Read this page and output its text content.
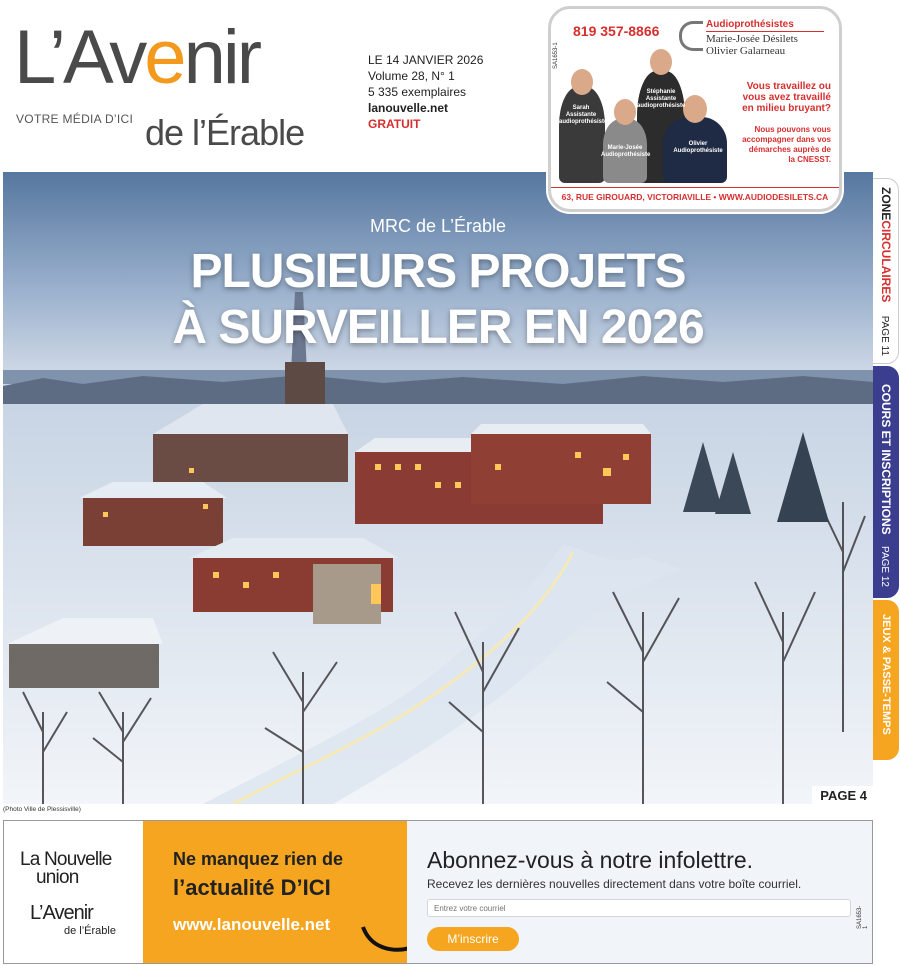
L’Avenir
VOTRE MÉDIA D’ICI de l’Érable
LE 14 JANVIER 2026
Volume 28, N° 1
5 335 exemplaires
lanouvelle.net
GRATUIT
SA1653-1
819 357-8866	Audioprothésistes
Marie-Josée Désilets
Olivier Galarneau
Sarah
Assistante audioprothésiste
Stéphanie
Assistante audioprothésiste
Marie-Josée
Audioprothésiste
Olivier
Audioprothésiste
Vous travaillez ou vous avez travaillé en milieu bruyant?
Nous pouvons vous accompagner dans vos démarches auprès de la CNESST.
63, RUE GIROUARD, VICTORIAVILLE • WWW.AUDIODESILETS.CA
MRC de L’Érable
PLUSIEURS PROJETS
À SURVEILLER EN 2026
PAGE 4
(Photo Ville de Plessisville)
ZONECIRCULAIRES PAGE 11
COURS ET INSCRIPTIONS PAGE 12
JEUX & PASSE-TEMPS
La Nouvelle
union
L’Avenir
de l’Érable
Ne manquez rien de
l’actualité D’ICI
www.lanouvelle.net
Abonnez-vous à notre infolettre.
Recevez les dernières nouvelles directement dans votre boîte courriel.
Entrez votre courriel
M’inscrire
SA1653-1
